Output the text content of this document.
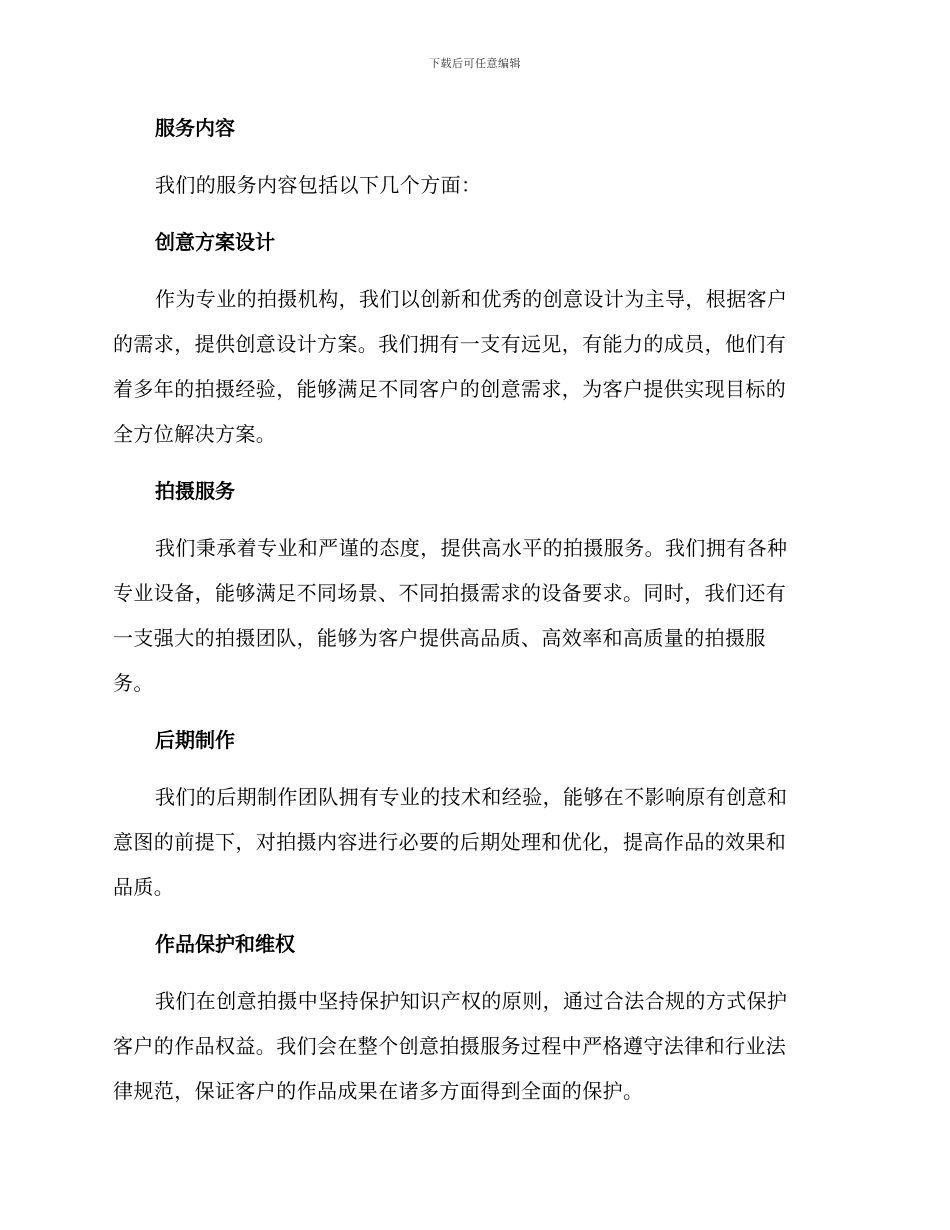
下载后可任意编辑
服务内容
我们的服务内容包括以下几个方面：
创意方案设计
作为专业的拍摄机构，我们以创新和优秀的创意设计为主导，根据客户
的需求，提供创意设计方案。我们拥有一支有远见，有能力的成员，他们有
着多年的拍摄经验，能够满足不同客户的创意需求，为客户提供实现目标的
全方位解决方案。
拍摄服务
我们秉承着专业和严谨的态度，提供高水平的拍摄服务。我们拥有各种
专业设备，能够满足不同场景、不同拍摄需求的设备要求。同时，我们还有
一支强大的拍摄团队，能够为客户提供高品质、高效率和高质量的拍摄服
务。
后期制作
我们的后期制作团队拥有专业的技术和经验，能够在不影响原有创意和
意图的前提下，对拍摄内容进行必要的后期处理和优化，提高作品的效果和
品质。
作品保护和维权
我们在创意拍摄中坚持保护知识产权的原则，通过合法合规的方式保护
客户的作品权益。我们会在整个创意拍摄服务过程中严格遵守法律和行业法
律规范，保证客户的作品成果在诸多方面得到全面的保护。
